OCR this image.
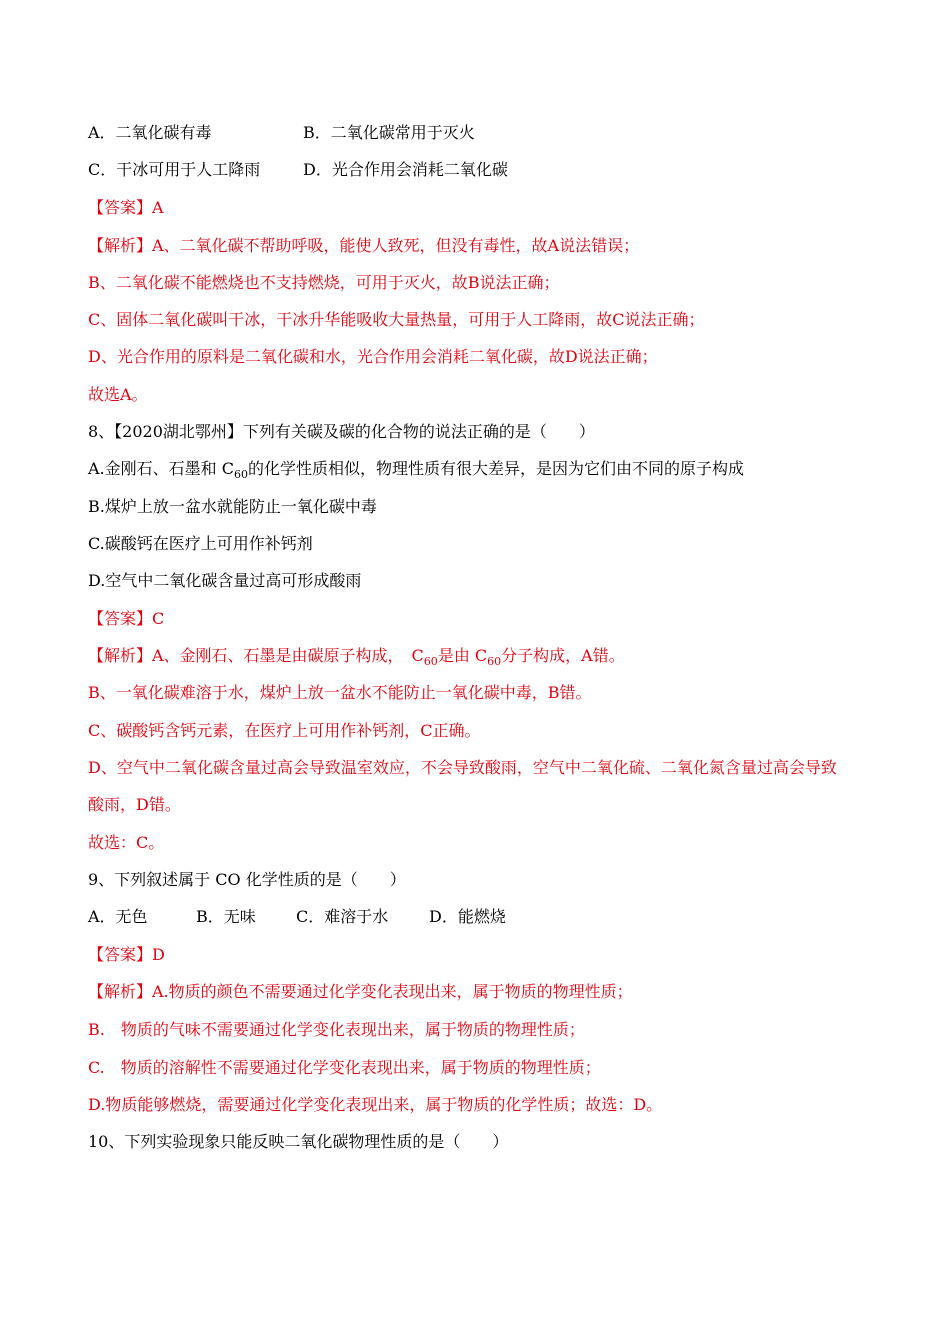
A．二氧化碳有毒	B．二氧化碳常用于灭火
C．干冰可用于人工降雨	D．光合作用会消耗二氧化碳
【答案】A
【解析】A、二氧化碳不帮助呼吸，能使人致死，但没有毒性，故A说法错误；
B、二氧化碳不能燃烧也不支持燃烧，可用于灭火，故B说法正确；
C、固体二氧化碳叫干冰，干冰升华能吸收大量热量，可用于人工降雨，故C说法正确；
D、光合作用的原料是二氧化碳和水，光合作用会消耗二氧化碳，故D说法正确；
故选A。
8、【2020湖北鄂州】下列有关碳及碳的化合物的说法正确的是（　　）
A.金刚石、石墨和 $C_{60}$的化学性质相似，物理性质有很大差异，是因为它们由不同的原子构成
B.煤炉上放一盆水就能防止一氧化碳中毒
C.碳酸钙在医疗上可用作补钙剂
D.空气中二氧化碳含量过高可形成酸雨
【答案】C
【解析】A、金刚石、石墨是由碳原子构成，　$C_{60}$是由 $C_{60}$分子构成，A错。
B、一氧化碳难溶于水，煤炉上放一盆水不能防止一氧化碳中毒，B错。
C、碳酸钙含钙元素，在医疗上可用作补钙剂，C正确。
D、空气中二氧化碳含量过高会导致温室效应，不会导致酸雨，空气中二氧化硫、二氧化氮含量过高会导致
酸雨，D错。
故选：C。
9、下列叙述属于 CO 化学性质的是（　　）
A．无色	B．无味	C．难溶于水	D．能燃烧
【答案】D
【解析】A.物质的颜色不需要通过化学变化表现出来，属于物质的物理性质；
B.　物质的气味不需要通过化学变化表现出来，属于物质的物理性质；
C.　物质的溶解性不需要通过化学变化表现出来，属于物质的物理性质；
D.物质能够燃烧，需要通过化学变化表现出来，属于物质的化学性质；故选：D。
10、下列实验现象只能反映二氧化碳物理性质的是（　　）
